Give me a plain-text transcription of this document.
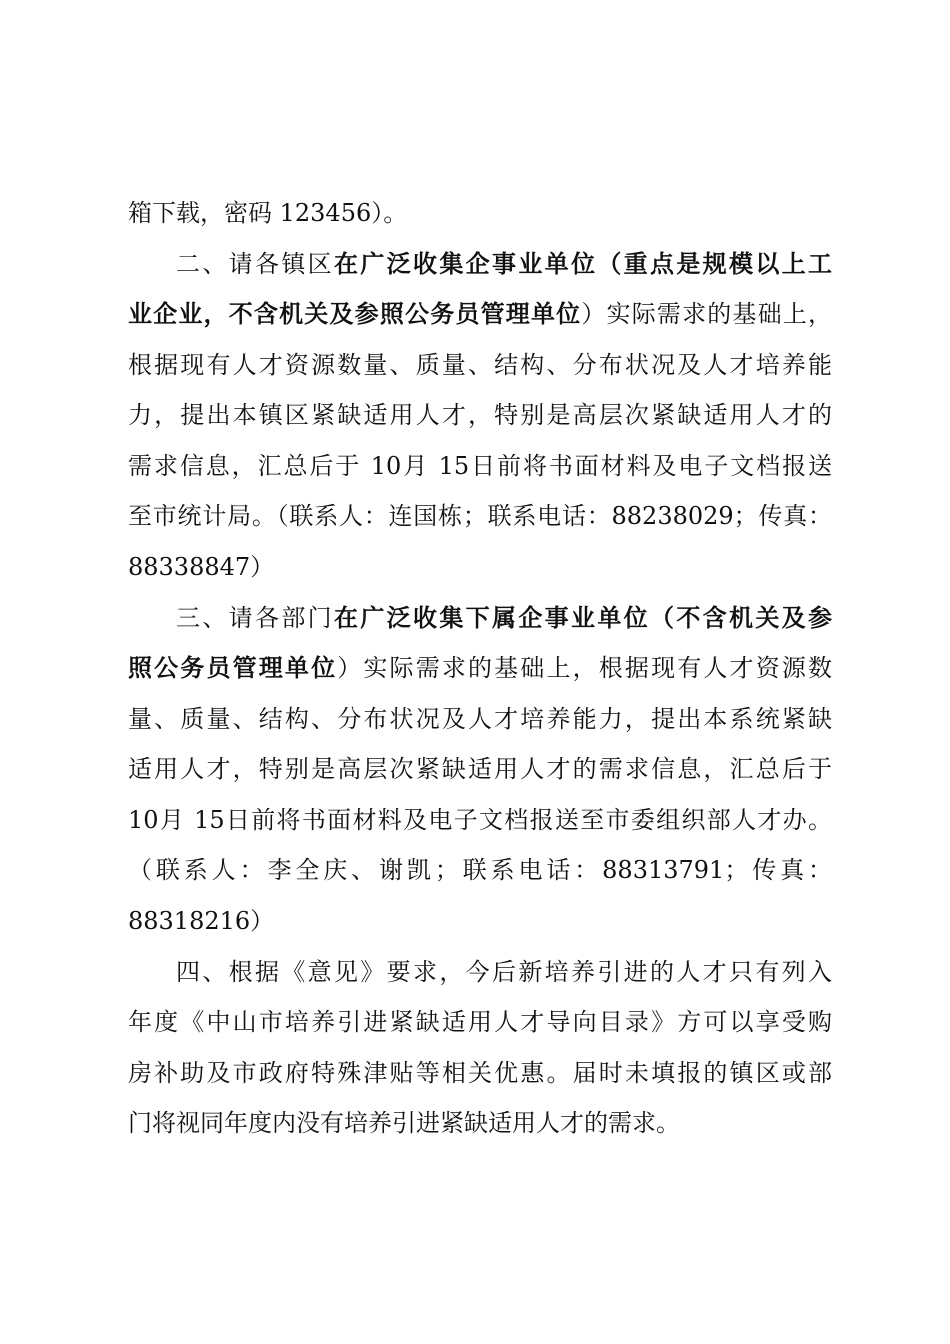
箱下载，密码 123456）。
二、请各镇区在广泛收集企事业单位（重点是规模以上工
业企业，不含机关及参照公务员管理单位）实际需求的基础上，
根据现有人才资源数量、质量、结构、分布状况及人才培养能
力，提出本镇区紧缺适用人才，特别是高层次紧缺适用人才的
需求信息，汇总后于 10月 15日前将书面材料及电子文档报送
至市统计局。（联系人：连国栋；联系电话：88238029；传真：
88338847）
三、请各部门在广泛收集下属企事业单位（不含机关及参
照公务员管理单位）实际需求的基础上，根据现有人才资源数
量、质量、结构、分布状况及人才培养能力，提出本系统紧缺
适用人才，特别是高层次紧缺适用人才的需求信息，汇总后于
10月 15日前将书面材料及电子文档报送至市委组织部人才办。
（联系人：李全庆、谢凯；联系电话：88313791；传真：
88318216）
四、根据《意见》要求，今后新培养引进的人才只有列入
年度《中山市培养引进紧缺适用人才导向目录》方可以享受购
房补助及市政府特殊津贴等相关优惠。届时未填报的镇区或部
门将视同年度内没有培养引进紧缺适用人才的需求。
